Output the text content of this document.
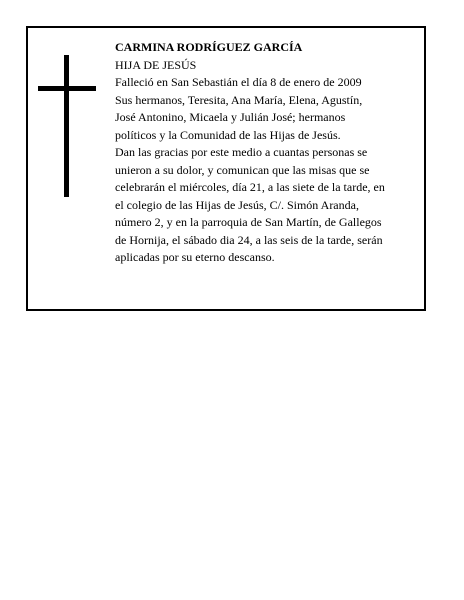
CARMINA RODRÍGUEZ GARCÍA
HIJA DE JESÚS
Falleció en San Sebastián el día 8 de enero de 2009
Sus hermanos, Teresita, Ana María, Elena, Agustín,
José Antonino, Micaela y Julián José; hermanos
políticos y la Comunidad de las Hijas de Jesús.
Dan las gracias por este medio a cuantas personas se
unieron a su dolor, y comunican que las misas que se
celebrarán el miércoles, día 21, a las siete de la tarde, en
el colegio de las Hijas de Jesús, C/. Simón Aranda,
número 2, y en la parroquia de San Martín, de Gallegos
de Hornija, el sábado dia 24, a las seis de la tarde, serán
aplicadas por su eterno descanso.
